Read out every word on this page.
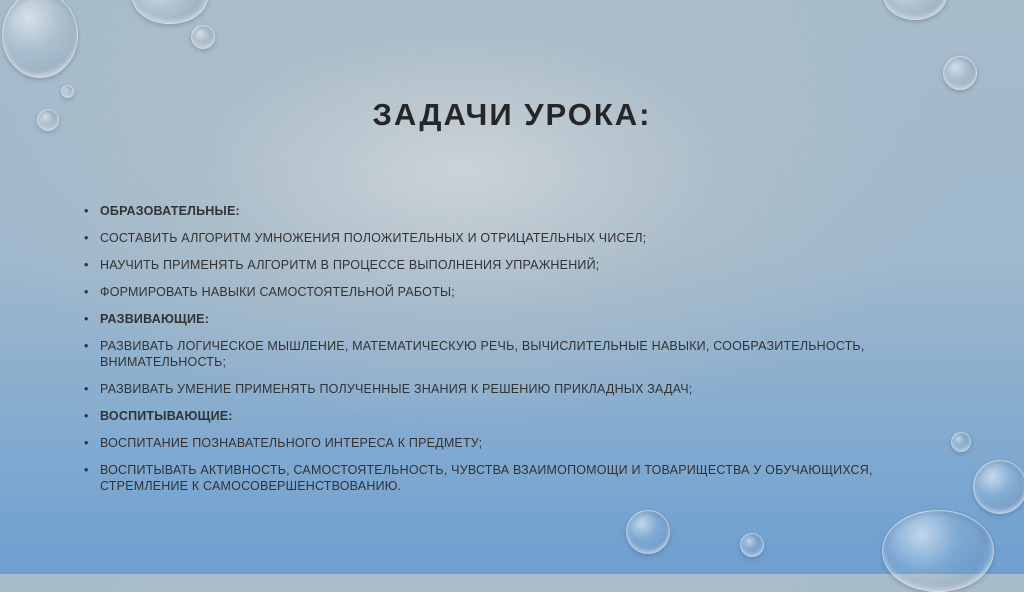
ЗАДАЧИ УРОКА:
• ОБРАЗОВАТЕЛЬНЫЕ:
• СОСТАВИТЬ АЛГОРИТМ УМНОЖЕНИЯ ПОЛОЖИТЕЛЬНЫХ И ОТРИЦАТЕЛЬНЫХ ЧИСЕЛ;
• НАУЧИТЬ ПРИМЕНЯТЬ АЛГОРИТМ В ПРОЦЕССЕ ВЫПОЛНЕНИЯ УПРАЖНЕНИЙ;
• ФОРМИРОВАТЬ НАВЫКИ САМОСТОЯТЕЛЬНОЙ РАБОТЫ;
• РАЗВИВАЮЩИЕ:
• РАЗВИВАТЬ ЛОГИЧЕСКОЕ МЫШЛЕНИЕ, МАТЕМАТИЧЕСКУЮ РЕЧЬ, ВЫЧИСЛИТЕЛЬНЫЕ НАВЫКИ, СООБРАЗИТЕЛЬНОСТЬ, ВНИМАТЕЛЬНОСТЬ;
• РАЗВИВАТЬ УМЕНИЕ ПРИМЕНЯТЬ ПОЛУЧЕННЫЕ ЗНАНИЯ К РЕШЕНИЮ ПРИКЛАДНЫХ ЗАДАЧ;
• ВОСПИТЫВАЮЩИЕ:
• ВОСПИТАНИЕ ПОЗНАВАТЕЛЬНОГО ИНТЕРЕСА К ПРЕДМЕТУ;
• ВОСПИТЫВАТЬ АКТИВНОСТЬ, САМОСТОЯТЕЛЬНОСТЬ, ЧУВСТВА ВЗАИМОПОМОЩИ И ТОВАРИЩЕСТВА У ОБУЧАЮЩИХСЯ, СТРЕМЛЕНИЕ К САМОСОВЕРШЕНСТВОВАНИЮ.
